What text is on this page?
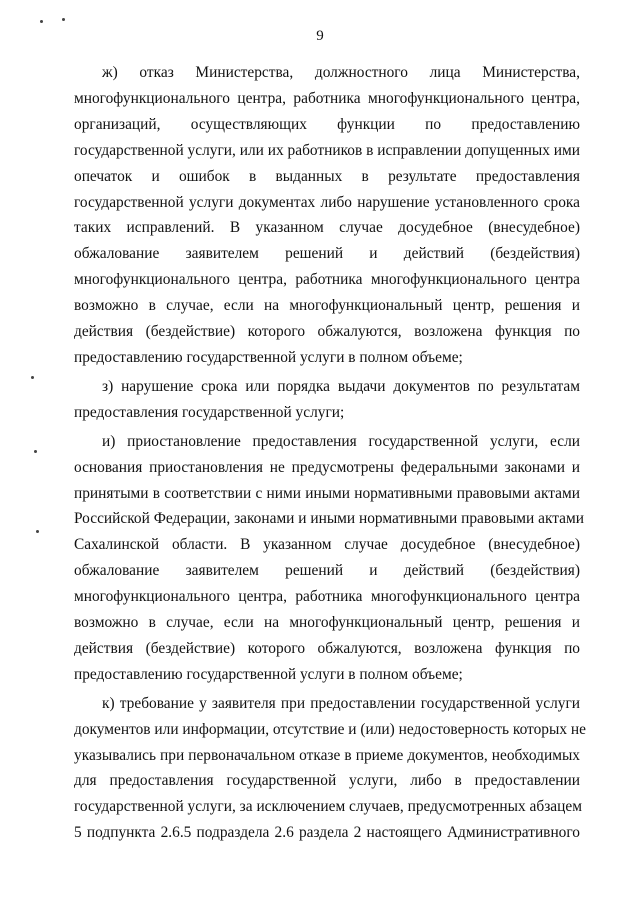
9
ж) отказ Министерства, должностного лица Министерства,
многофункционального центра, работника многофункционального центра,
организаций, осуществляющих функции по предоставлению
государственной услуги, или их работников в исправлении допущенных ими
опечаток и ошибок в выданных в результате предоставления
государственной услуги документах либо нарушение установленного срока
таких исправлений. В указанном случае досудебное (внесудебное)
обжалование заявителем решений и действий (бездействия)
многофункционального центра, работника многофункционального центра
возможно в случае, если на многофункциональный центр, решения и
действия (бездействие) которого обжалуются, возложена функция по
предоставлению государственной услуги в полном объеме;
з) нарушение срока или порядка выдачи документов по результатам
предоставления государственной услуги;
и) приостановление предоставления государственной услуги, если
основания приостановления не предусмотрены федеральными законами и
принятыми в соответствии с ними иными нормативными правовыми актами
Российской Федерации, законами и иными нормативными правовыми актами
Сахалинской области. В указанном случае досудебное (внесудебное)
обжалование заявителем решений и действий (бездействия)
многофункционального центра, работника многофункционального центра
возможно в случае, если на многофункциональный центр, решения и
действия (бездействие) которого обжалуются, возложена функция по
предоставлению государственной услуги в полном объеме;
к) требование у заявителя при предоставлении государственной услуги
документов или информации, отсутствие и (или) недостоверность которых не
указывались при первоначальном отказе в приеме документов, необходимых
для предоставления государственной услуги, либо в предоставлении
государственной услуги, за исключением случаев, предусмотренных абзацем
5 подпункта 2.6.5 подраздела 2.6 раздела 2 настоящего Административного
